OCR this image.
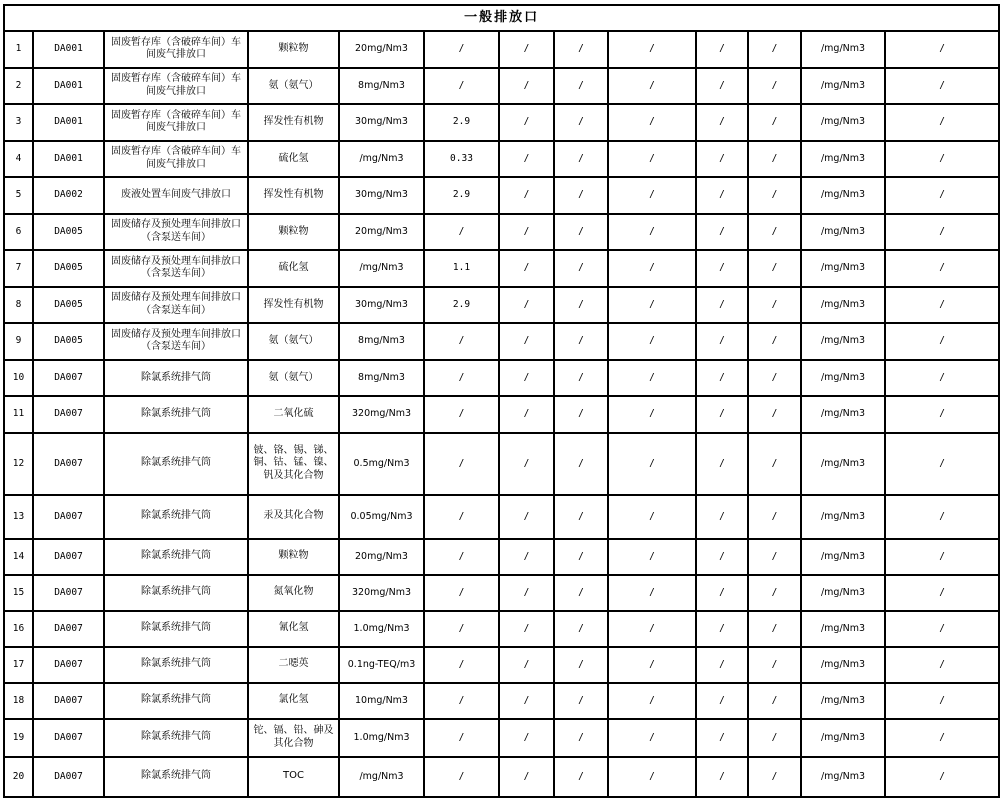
一般排放口												
1	DA001	固废暂存库（含破碎车间）车间废气排放口	颗粒物	20mg/Nm3	/	/	/	/	/	/	/mg/Nm3	/
2	DA001	固废暂存库（含破碎车间）车间废气排放口	氨（氨气）	8mg/Nm3	/	/	/	/	/	/	/mg/Nm3	/
3	DA001	固废暂存库（含破碎车间）车间废气排放口	挥发性有机物	30mg/Nm3	2.9	/	/	/	/	/	/mg/Nm3	/
4	DA001	固废暂存库（含破碎车间）车间废气排放口	硫化氢	/mg/Nm3	0.33	/	/	/	/	/	/mg/Nm3	/
5	DA002	废液处置车间废气排放口	挥发性有机物	30mg/Nm3	2.9	/	/	/	/	/	/mg/Nm3	/
6	DA005	固废储存及预处理车间排放口（含泵送车间）	颗粒物	20mg/Nm3	/	/	/	/	/	/	/mg/Nm3	/
7	DA005	固废储存及预处理车间排放口（含泵送车间）	硫化氢	/mg/Nm3	1.1	/	/	/	/	/	/mg/Nm3	/
8	DA005	固废储存及预处理车间排放口（含泵送车间）	挥发性有机物	30mg/Nm3	2.9	/	/	/	/	/	/mg/Nm3	/
9	DA005	固废储存及预处理车间排放口（含泵送车间）	氨（氨气）	8mg/Nm3	/	/	/	/	/	/	/mg/Nm3	/
10	DA007	除氯系统排气筒	氨（氨气）	8mg/Nm3	/	/	/	/	/	/	/mg/Nm3	/
11	DA007	除氯系统排气筒	二氧化硫	320mg/Nm3	/	/	/	/	/	/	/mg/Nm3	/
12	DA007	除氯系统排气筒	铍、铬、锡、锑、铜、钴、锰、镍、钒及其化合物	0.5mg/Nm3	/	/	/	/	/	/	/mg/Nm3	/
13	DA007	除氯系统排气筒	汞及其化合物	0.05mg/Nm3	/	/	/	/	/	/	/mg/Nm3	/
14	DA007	除氯系统排气筒	颗粒物	20mg/Nm3	/	/	/	/	/	/	/mg/Nm3	/
15	DA007	除氯系统排气筒	氮氧化物	320mg/Nm3	/	/	/	/	/	/	/mg/Nm3	/
16	DA007	除氯系统排气筒	氰化氢	1.0mg/Nm3	/	/	/	/	/	/	/mg/Nm3	/
17	DA007	除氯系统排气筒	二噁英	0.1ng-TEQ/m3	/	/	/	/	/	/	/mg/Nm3	/
18	DA007	除氯系统排气筒	氯化氢	10mg/Nm3	/	/	/	/	/	/	/mg/Nm3	/
19	DA007	除氯系统排气筒	铊、镉、铅、砷及其化合物	1.0mg/Nm3	/	/	/	/	/	/	/mg/Nm3	/
20	DA007	除氯系统排气筒	TOC	/mg/Nm3	/	/	/	/	/	/	/mg/Nm3	/
